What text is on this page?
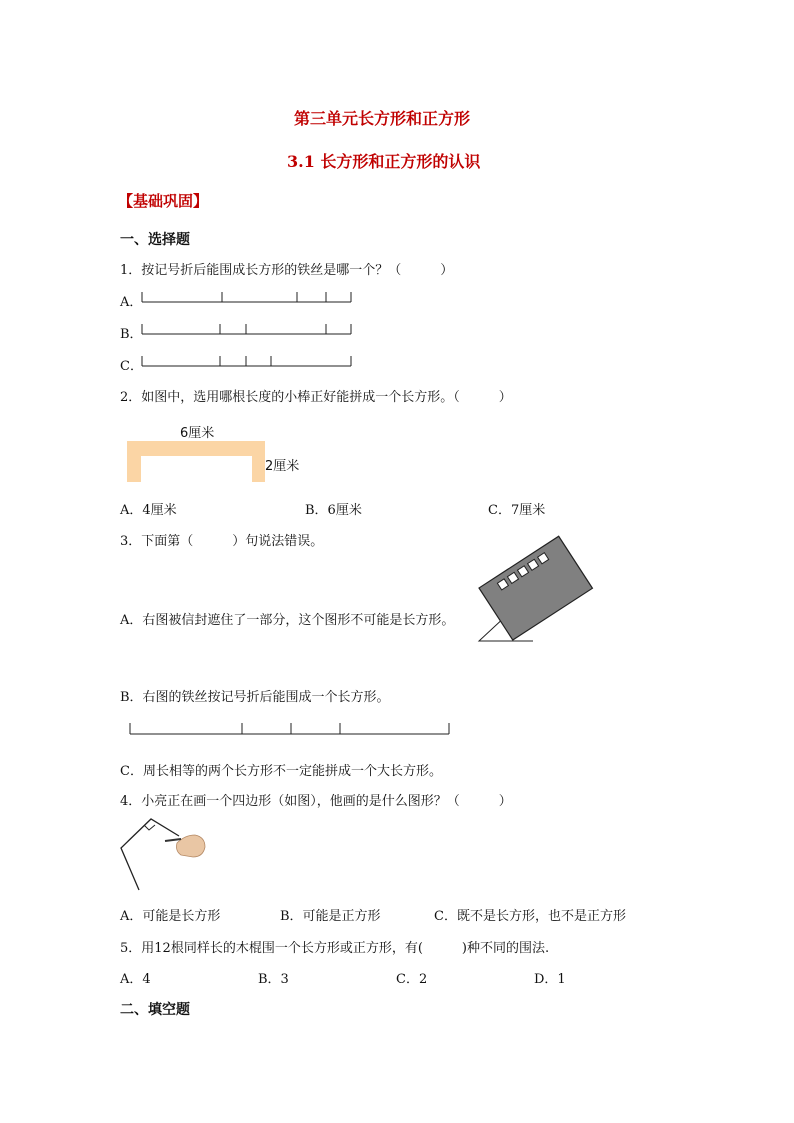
第三单元长方形和正方形
3.1 长方形和正方形的认识
【基础巩固】
一、选择题
1．按记号折后能围成长方形的铁丝是哪一个？（　　　）
A．
B．
C．
2．如图中，选用哪根长度的小棒正好能拼成一个长方形。（　　　）
6厘米
2厘米
A．4厘米	B．6厘米	C．7厘米
3．下面第（　　　）句说法错误。
A．右图被信封遮住了一部分，这个图形不可能是长方形。
B．右图的铁丝按记号折后能围成一个长方形。
C．周长相等的两个长方形不一定能拼成一个大长方形。
4．小亮正在画一个四边形（如图），他画的是什么图形？（　　　）
A．可能是长方形	B．可能是正方形	C．既不是长方形，也不是正方形
5．用12根同样长的木棍围一个长方形或正方形，有(　　　)种不同的围法.
A．4	B．3	C．2	D．1
二、填空题
